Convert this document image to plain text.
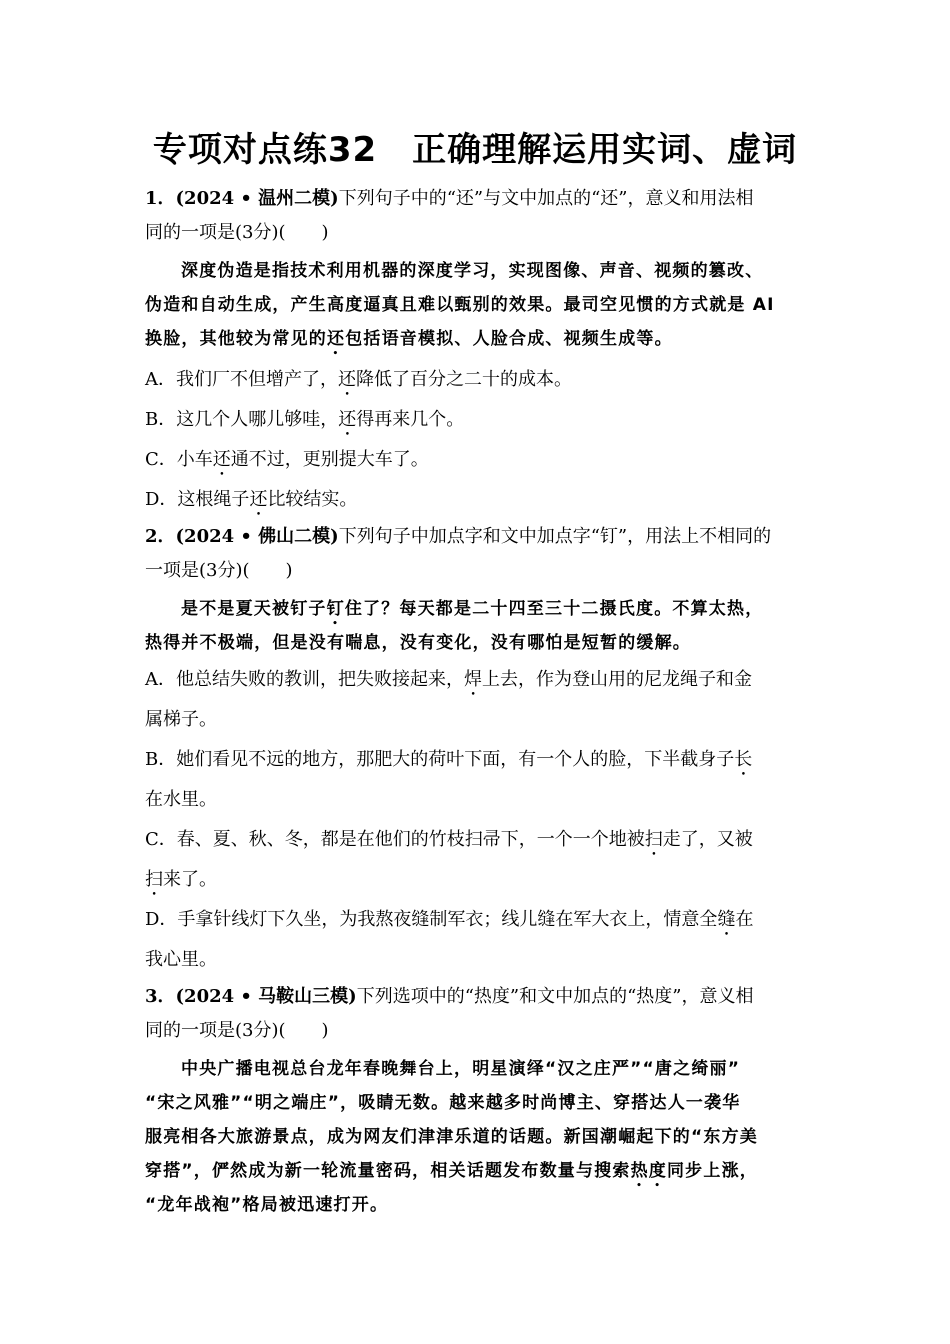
专项对点练32　正确理解运用实词、虚词
1．(2024 • 温州二模)下列句子中的“还”与文中加点的“还”，意义和用法相
同的一项是(3分)(　　)
深度伪造是指技术利用机器的深度学习，实现图像、声音、视频的篡改、
伪造和自动生成，产生高度逼真且难以甄别的效果。最司空见惯的方式就是 AI
换脸，其他较为常见的还包括语音模拟、人脸合成、视频生成等。
A．我们厂不但增产了，还降低了百分之二十的成本。
B．这几个人哪儿够哇，还得再来几个。
C．小车还通不过，更别提大车了。
D．这根绳子还比较结实。
2．(2024 • 佛山二模)下列句子中加点字和文中加点字“钉”，用法上不相同的
一项是(3分)(　　)
是不是夏天被钉子钉住了？每天都是二十四至三十二摄氏度。不算太热，
热得并不极端，但是没有喘息，没有变化，没有哪怕是短暂的缓解。
A．他总结失败的教训，把失败接起来，焊上去，作为登山用的尼龙绳子和金
属梯子。
B．她们看见不远的地方，那肥大的荷叶下面，有一个人的脸，下半截身子长
在水里。
C．春、夏、秋、冬，都是在他们的竹枝扫帚下，一个一个地被扫走了，又被
扫来了。
D．手拿针线灯下久坐，为我熬夜缝制军衣；线儿缝在军大衣上，情意全缝在
我心里。
3．(2024 • 马鞍山三模)下列选项中的“热度”和文中加点的“热度”，意义相
同的一项是(3分)(　　)
中央广播电视总台龙年春晚舞台上，明星演绎“汉之庄严”“唐之绮丽”
“宋之风雅”“明之端庄”，吸睛无数。越来越多时尚博主、穿搭达人一袭华
服亮相各大旅游景点，成为网友们津津乐道的话题。新国潮崛起下的“东方美
穿搭”，俨然成为新一轮流量密码，相关话题发布数量与搜索热度同步上涨，
“龙年战袍”格局被迅速打开。
